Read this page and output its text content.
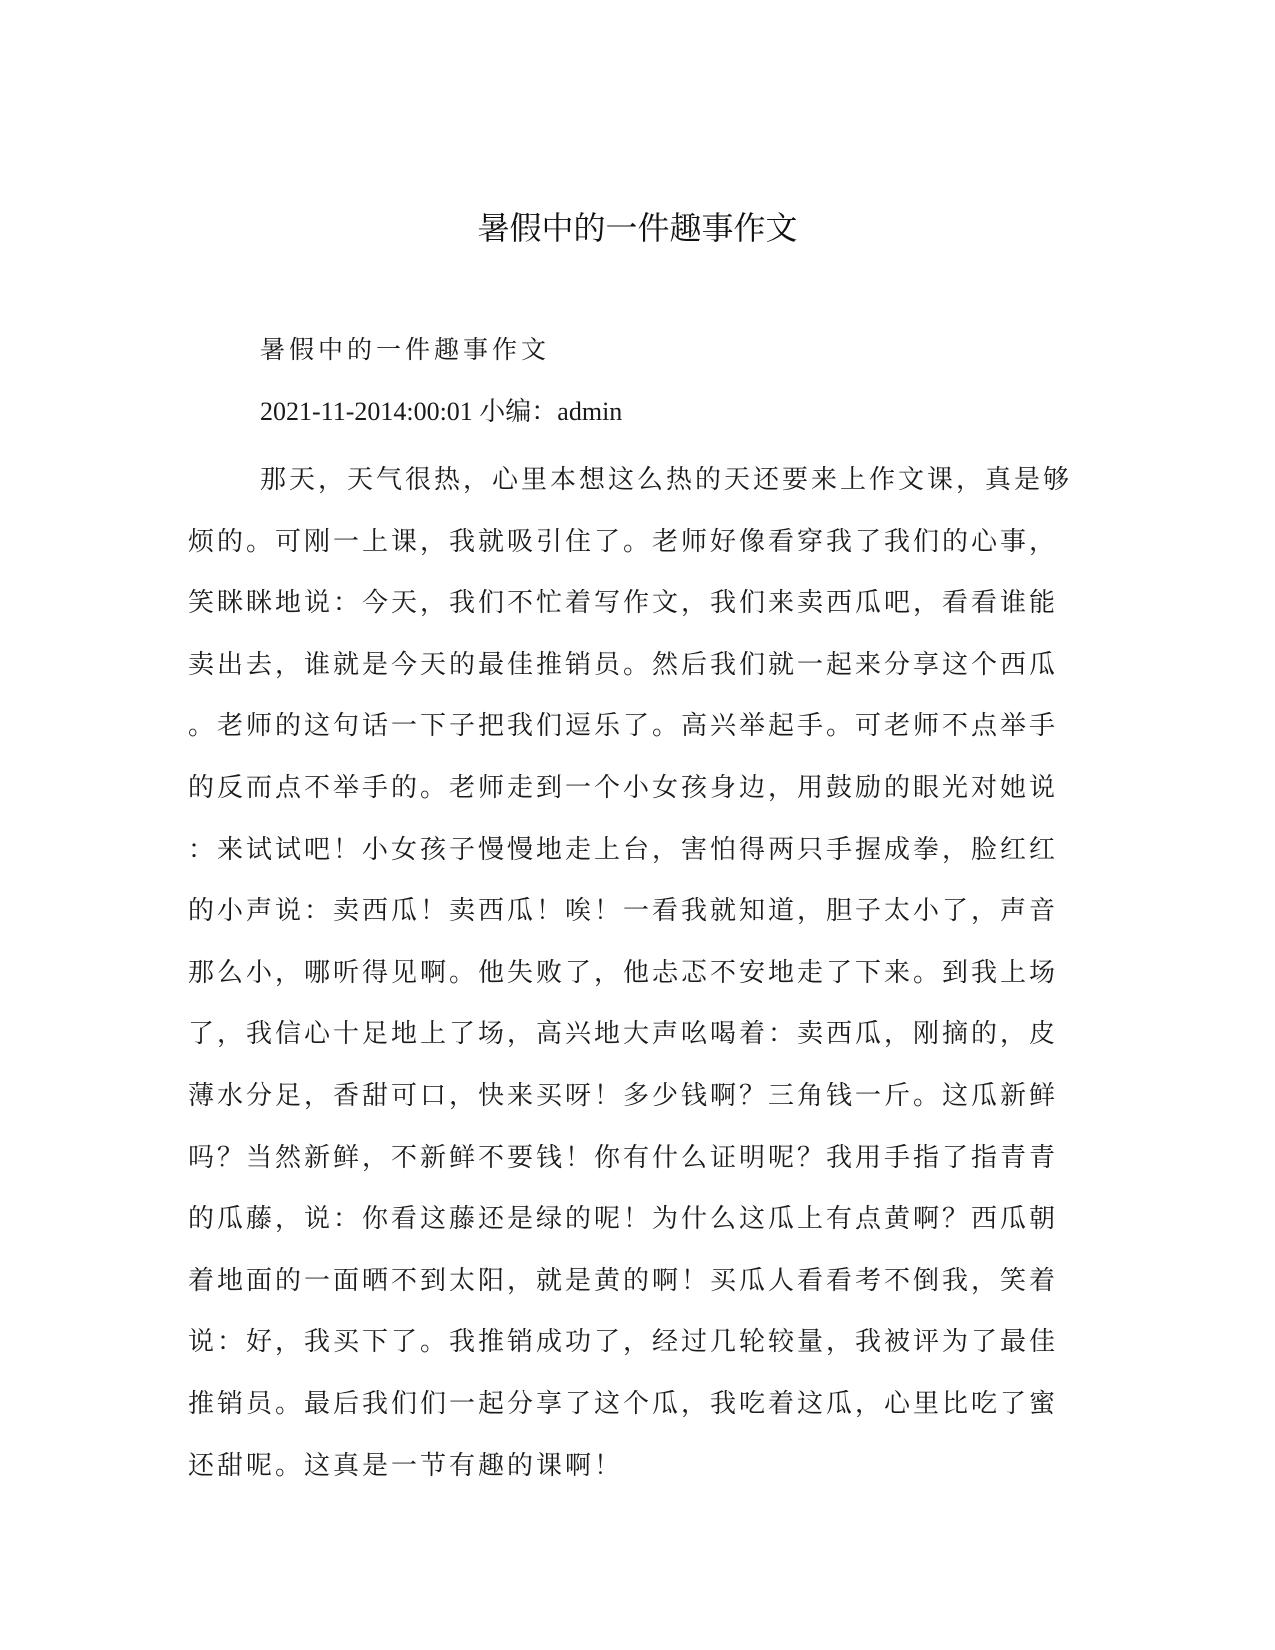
暑假中的一件趣事作文
暑假中的一件趣事作文
2021-11-2014:00:01 小编：admin
那天，天气很热，心里本想这么热的天还要来上作文课，真是够
烦的。可刚一上课，我就吸引住了。老师好像看穿我了我们的心事，
笑眯眯地说：今天，我们不忙着写作文，我们来卖西瓜吧，看看谁能
卖出去，谁就是今天的最佳推销员。然后我们就一起来分享这个西瓜
。老师的这句话一下子把我们逗乐了。高兴举起手。可老师不点举手
的反而点不举手的。老师走到一个小女孩身边，用鼓励的眼光对她说
：来试试吧！小女孩子慢慢地走上台，害怕得两只手握成拳，脸红红
的小声说：卖西瓜！卖西瓜！唉！一看我就知道，胆子太小了，声音
那么小，哪听得见啊。他失败了，他忐忑不安地走了下来。到我上场
了，我信心十足地上了场，高兴地大声吆喝着：卖西瓜，刚摘的，皮
薄水分足，香甜可口，快来买呀！多少钱啊？三角钱一斤。这瓜新鲜
吗？当然新鲜，不新鲜不要钱！你有什么证明呢？我用手指了指青青
的瓜藤，说：你看这藤还是绿的呢！为什么这瓜上有点黄啊？西瓜朝
着地面的一面晒不到太阳，就是黄的啊！买瓜人看看考不倒我，笑着
说：好，我买下了。我推销成功了，经过几轮较量，我被评为了最佳
推销员。最后我们们一起分享了这个瓜，我吃着这瓜，心里比吃了蜜
还甜呢。这真是一节有趣的课啊！
